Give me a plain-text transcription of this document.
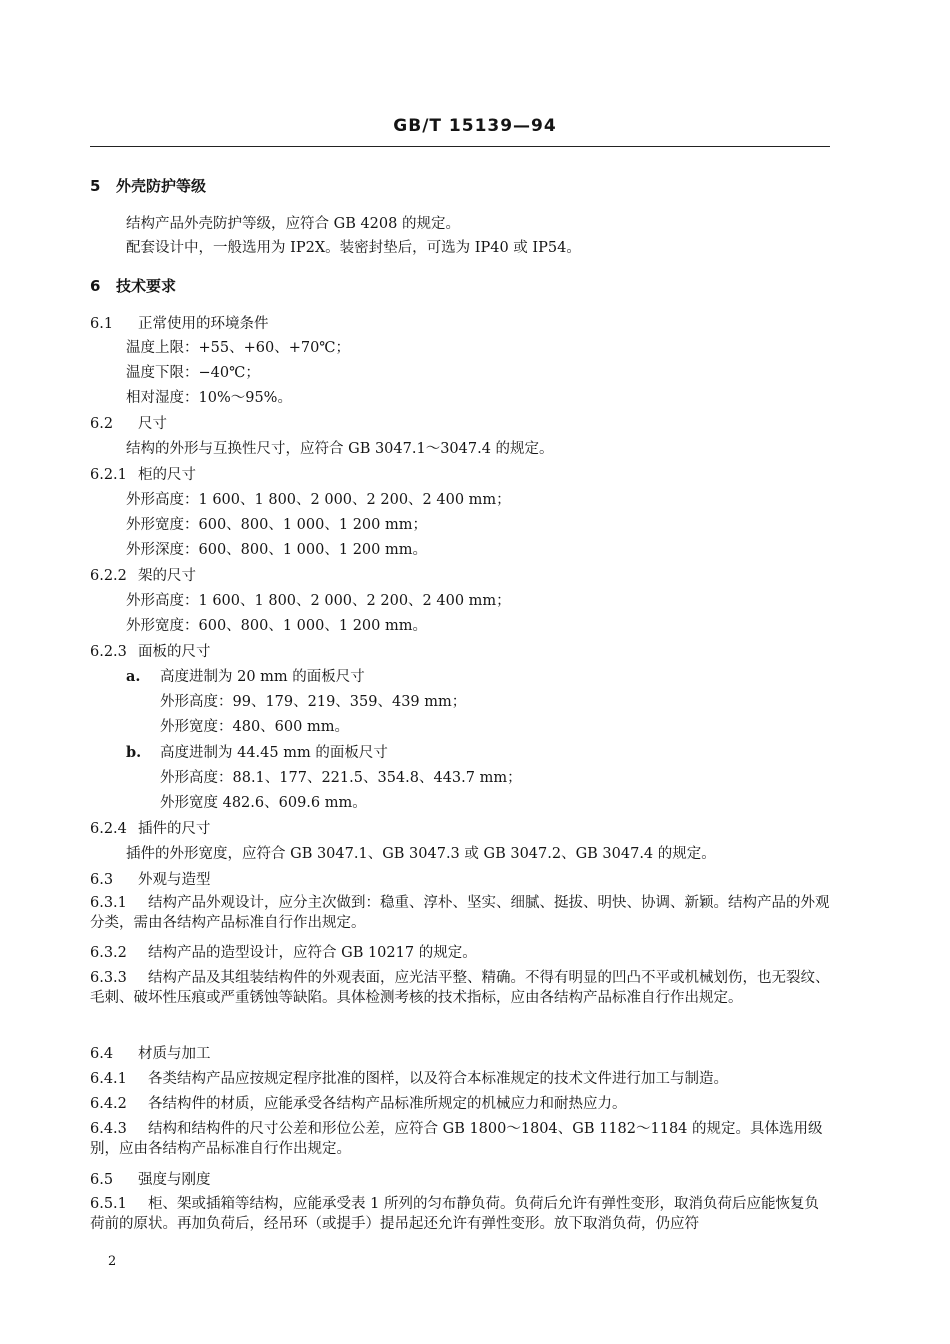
GB/T 15139—94
5 外壳防护等级
结构产品外壳防护等级，应符合 GB 4208 的规定。
配套设计中，一般选用为 IP2X。装密封垫后，可选为 IP40 或 IP54。
6 技术要求
6.1 正常使用的环境条件
温度上限：+55、+60、+70℃；
温度下限：−40℃；
相对湿度：10%～95%。
6.2 尺寸
结构的外形与互换性尺寸，应符合 GB 3047.1～3047.4 的规定。
6.2.1 柜的尺寸
外形高度：1 600、1 800、2 000、2 200、2 400 mm；
外形宽度：600、800、1 000、1 200 mm；
外形深度：600、800、1 000、1 200 mm。
6.2.2 架的尺寸
外形高度：1 600、1 800、2 000、2 200、2 400 mm；
外形宽度：600、800、1 000、1 200 mm。
6.2.3 面板的尺寸
a. 高度进制为 20 mm 的面板尺寸
外形高度：99、179、219、359、439 mm；
外形宽度：480、600 mm。
b. 高度进制为 44.45 mm 的面板尺寸
外形高度：88.1、177、221.5、354.8、443.7 mm；
外形宽度 482.6、609.6 mm。
6.2.4 插件的尺寸
插件的外形宽度，应符合 GB 3047.1、GB 3047.3 或 GB 3047.2、GB 3047.4 的规定。
6.3 外观与造型
6.3.1 结构产品外观设计，应分主次做到：稳重、淳朴、坚实、细腻、挺拔、明快、协调、新颖。结构产品的外观分类，需由各结构产品标准自行作出规定。
6.3.2 结构产品的造型设计，应符合 GB 10217 的规定。
6.3.3 结构产品及其组装结构件的外观表面，应光洁平整、精确。不得有明显的凹凸不平或机械划伤，也无裂纹、毛刺、破坏性压痕或严重锈蚀等缺陷。具体检测考核的技术指标，应由各结构产品标准自行作出规定。
6.4 材质与加工
6.4.1 各类结构产品应按规定程序批准的图样，以及符合本标准规定的技术文件进行加工与制造。
6.4.2 各结构件的材质，应能承受各结构产品标准所规定的机械应力和耐热应力。
6.4.3 结构和结构件的尺寸公差和形位公差，应符合 GB 1800～1804、GB 1182～1184 的规定。具体选用级别，应由各结构产品标准自行作出规定。
6.5 强度与刚度
6.5.1 柜、架或插箱等结构，应能承受表 1 所列的匀布静负荷。负荷后允许有弹性变形，取消负荷后应能恢复负荷前的原状。再加负荷后，经吊环（或提手）提吊起还允许有弹性变形。放下取消负荷，仍应符
2
